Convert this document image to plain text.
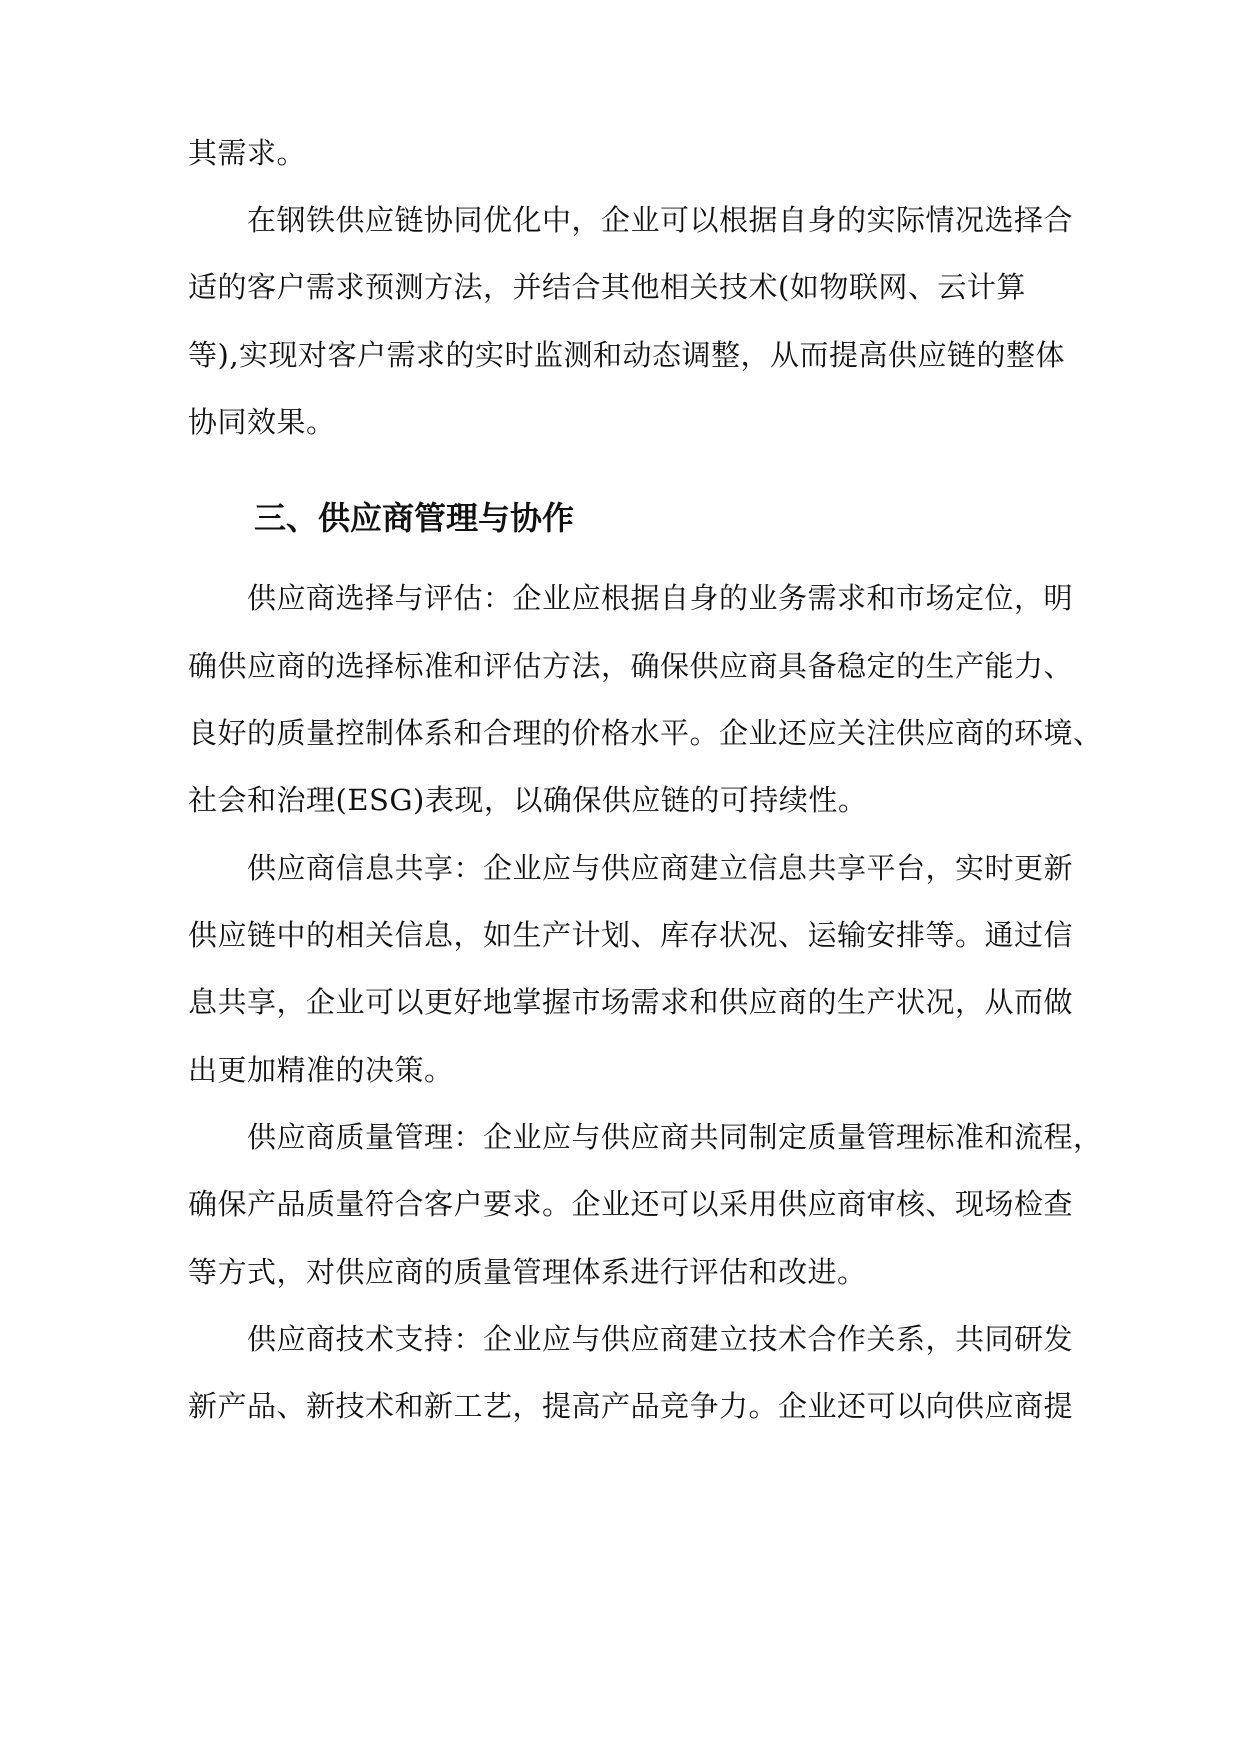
其需求。
在钢铁供应链协同优化中，企业可以根据自身的实际情况选择合
适的客户需求预测方法，并结合其他相关技术(如物联网、云计算
等),实现对客户需求的实时监测和动态调整，从而提高供应链的整体
协同效果。
三、供应商管理与协作
供应商选择与评估：企业应根据自身的业务需求和市场定位，明
确供应商的选择标准和评估方法，确保供应商具备稳定的生产能力、
良好的质量控制体系和合理的价格水平。企业还应关注供应商的环境、
社会和治理(ESG)表现，以确保供应链的可持续性。
供应商信息共享：企业应与供应商建立信息共享平台，实时更新
供应链中的相关信息，如生产计划、库存状况、运输安排等。通过信
息共享，企业可以更好地掌握市场需求和供应商的生产状况，从而做
出更加精准的决策。
供应商质量管理：企业应与供应商共同制定质量管理标准和流程，
确保产品质量符合客户要求。企业还可以采用供应商审核、现场检查
等方式，对供应商的质量管理体系进行评估和改进。
供应商技术支持：企业应与供应商建立技术合作关系，共同研发
新产品、新技术和新工艺，提高产品竞争力。企业还可以向供应商提
